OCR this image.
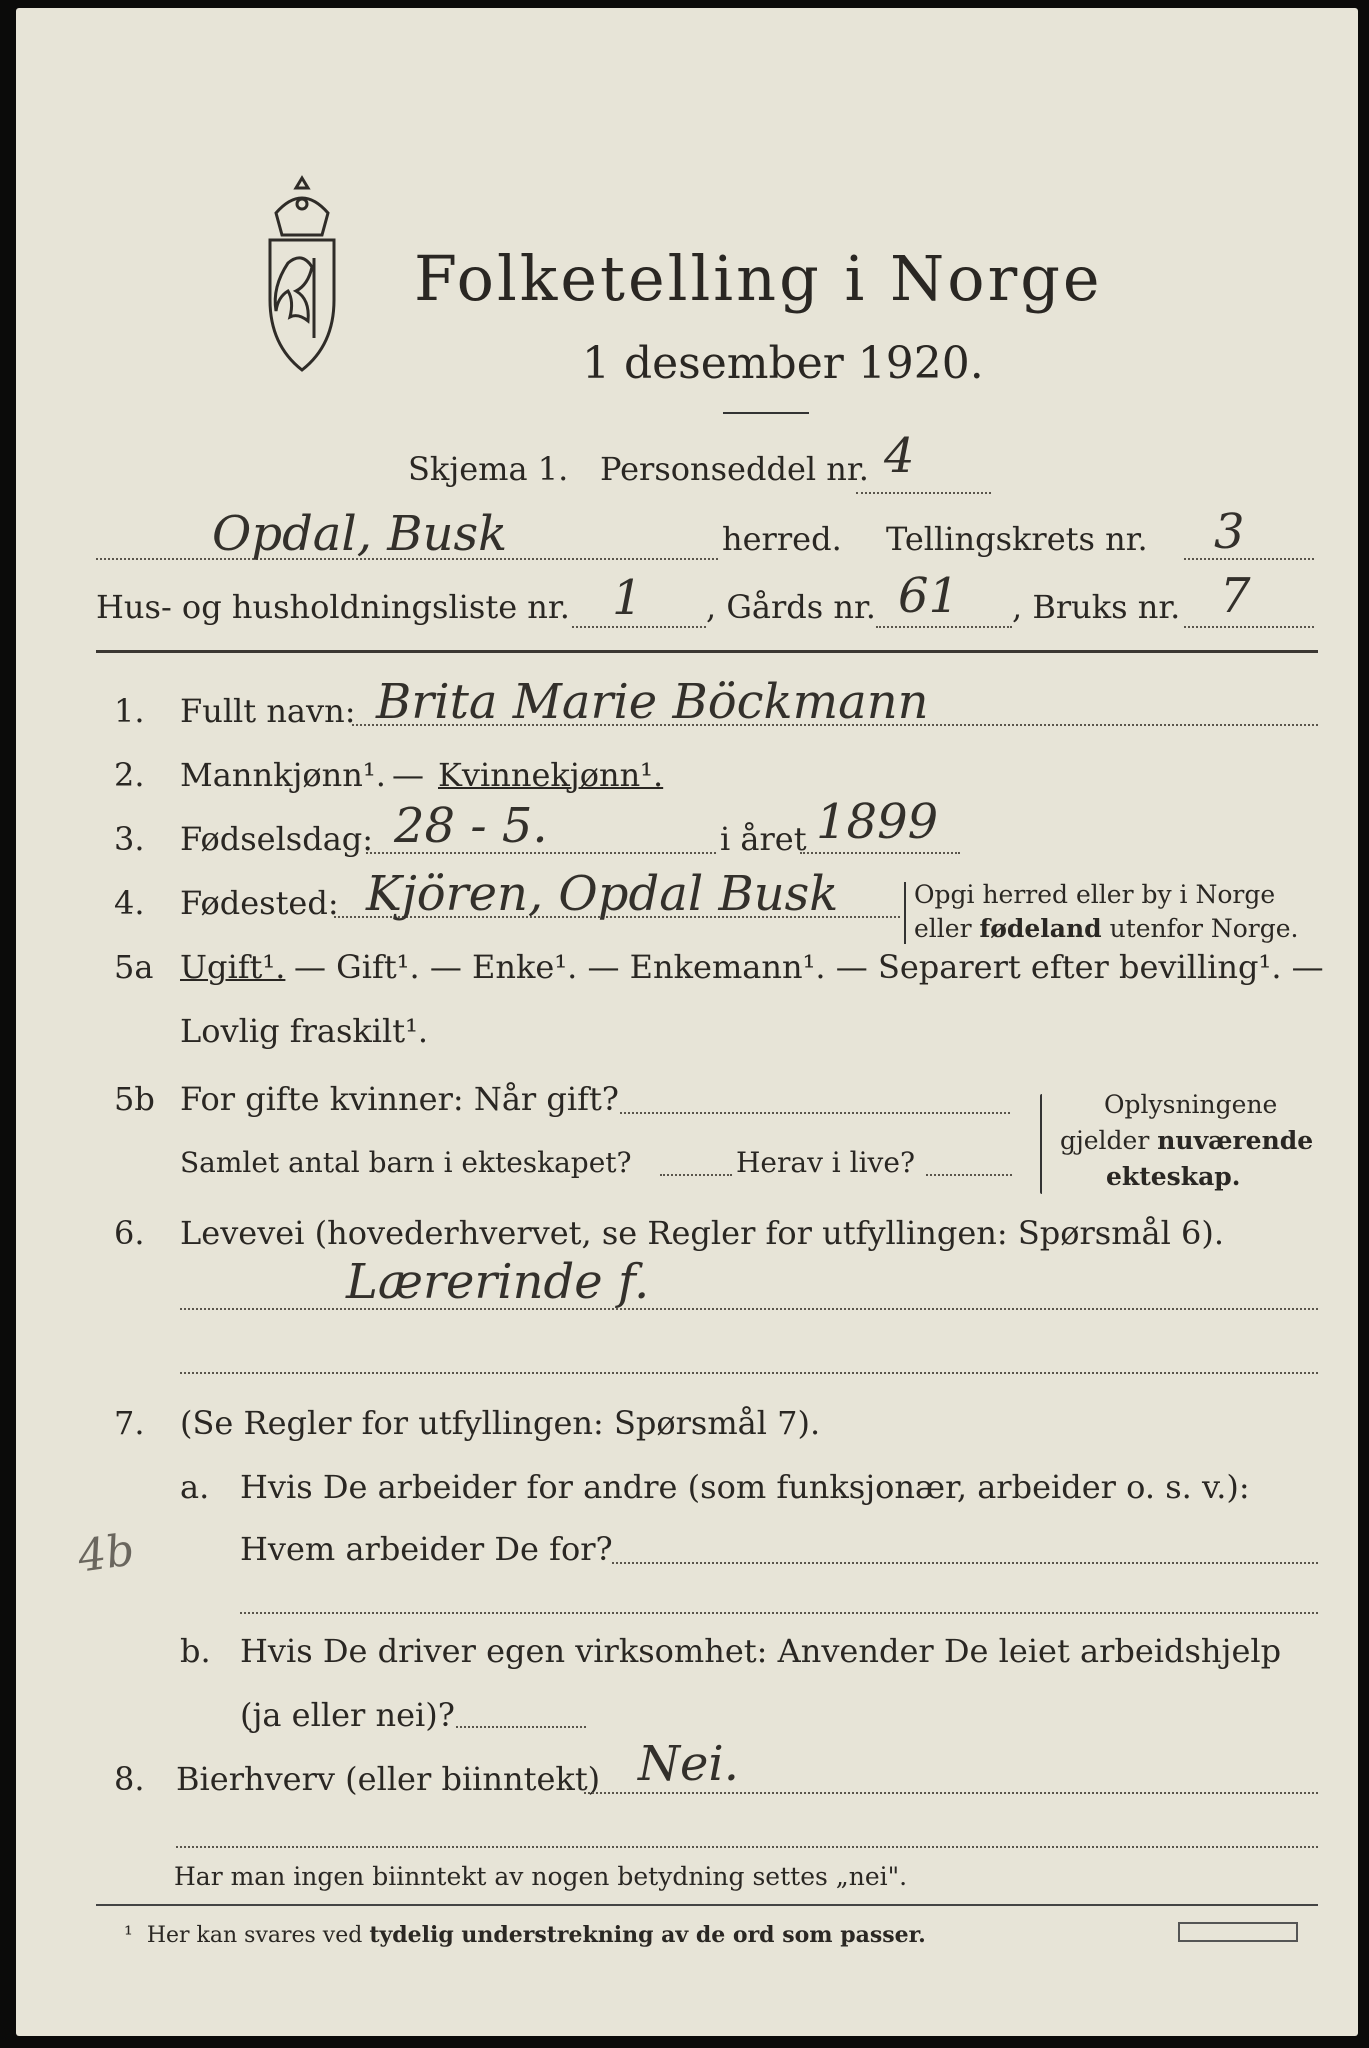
Folketelling i Norge
1 desember 1920.
Skjema 1. Personseddel nr. 4
Opdal, Busk	herred. Tellingskrets nr. 3
Hus- og husholdningsliste nr. 1 , Gårds nr. 61 , Bruks nr. 7
1. Fullt navn: Brita Marie Böckmann
2. Mannkjønn¹. — Kvinnekjønn¹.
3. Fødselsdag: 28 - 5.	i året 1899
4. Fødested: Kjören, Opdal Busk	Opgi herred eller by i Norge
eller fødeland utenfor Norge.
5a Ugift¹. — Gift¹. — Enke¹. — Enkemann¹. — Separert efter bevilling¹. —
Lovlig fraskilt¹.
5b For gifte kvinner: Når gift?
Samlet antal barn i ekteskapet?	Herav i live?
Oplysningene
gjelder nuværende
ekteskap.
6. Levevei (hovederhvervet, se Regler for utfyllingen: Spørsmål 6).
Lærerinde f.
7. (Se Regler for utfyllingen: Spørsmål 7).
a. Hvis De arbeider for andre (som funksjonær, arbeider o. s. v.):
Hvem arbeider De for?
b. Hvis De driver egen virksomhet: Anvender De leiet arbeidshjelp
(ja eller nei)?
4b
8. Bierhverv (eller biinntekt) Nei.
Har man ingen biinntekt av nogen betydning settes „nei".
¹ Her kan svares ved tydelig understrekning av de ord som passer.
